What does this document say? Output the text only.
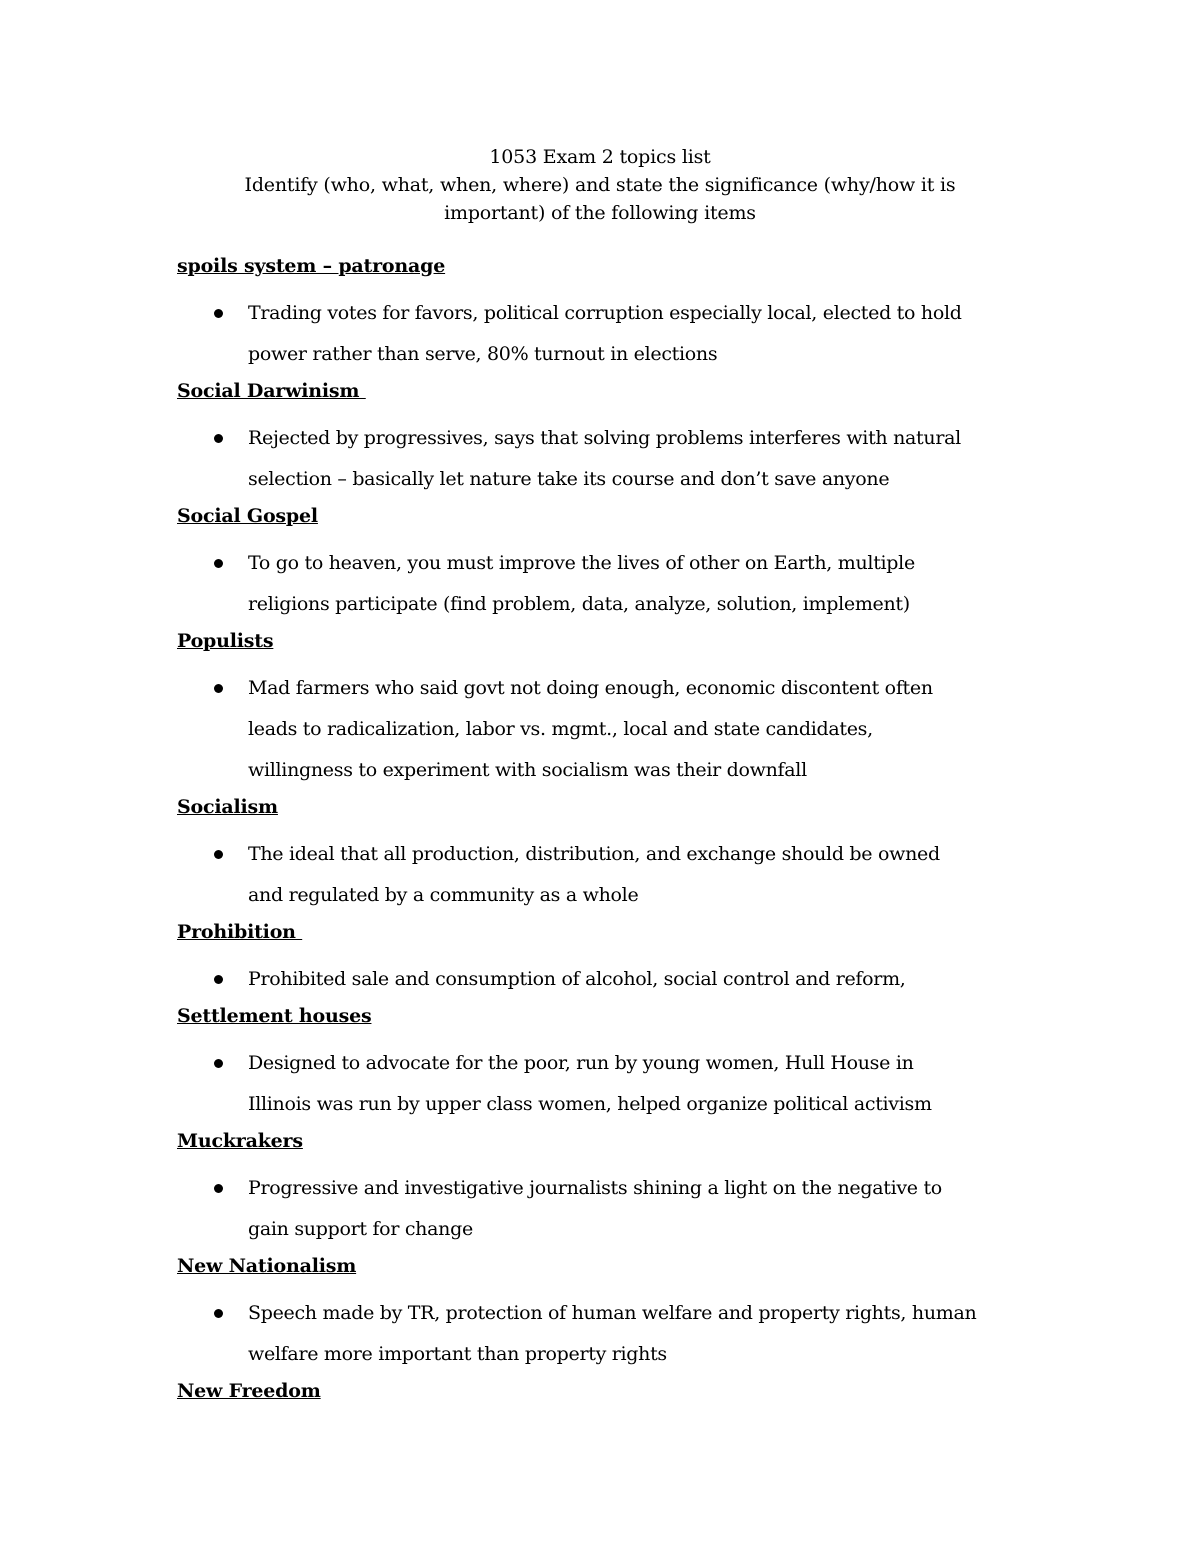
1053 Exam 2 topics list
Identify (who, what, when, where) and state the significance (why/how it is
important) of the following items
spoils system – patronage
Trading votes for favors, political corruption especially local, elected to hold
power rather than serve, 80% turnout in elections
Social Darwinism
Rejected by progressives, says that solving problems interferes with natural
selection – basically let nature take its course and don’t save anyone
Social Gospel
To go to heaven, you must improve the lives of other on Earth, multiple
religions participate (find problem, data, analyze, solution, implement)
Populists
Mad farmers who said govt not doing enough, economic discontent often
leads to radicalization, labor vs. mgmt., local and state candidates,
willingness to experiment with socialism was their downfall
Socialism
The ideal that all production, distribution, and exchange should be owned
and regulated by a community as a whole
Prohibition
Prohibited sale and consumption of alcohol, social control and reform,
Settlement houses
Designed to advocate for the poor, run by young women, Hull House in
Illinois was run by upper class women, helped organize political activism
Muckrakers
Progressive and investigative journalists shining a light on the negative to
gain support for change
New Nationalism
Speech made by TR, protection of human welfare and property rights, human
welfare more important than property rights
New Freedom
